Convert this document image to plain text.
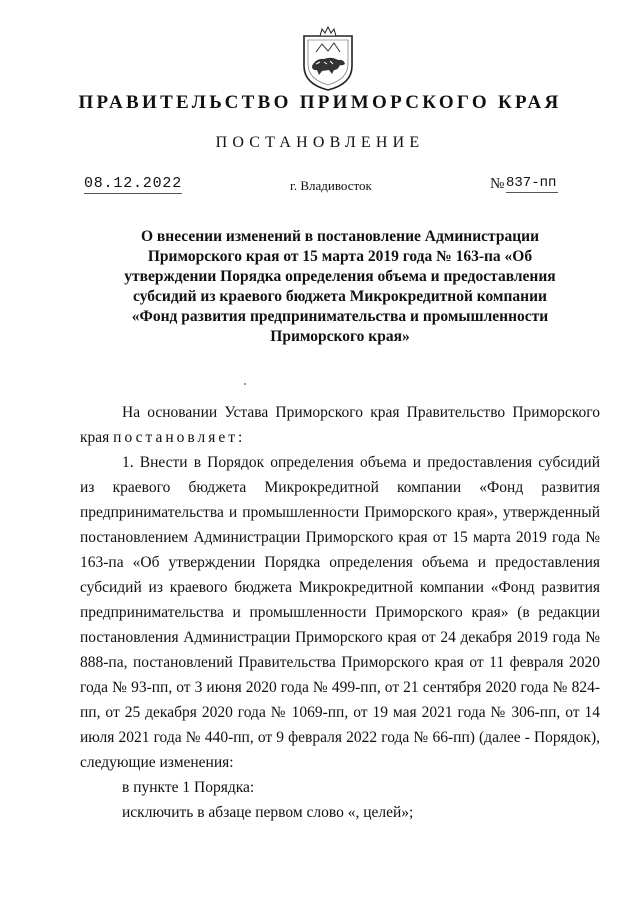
ПРАВИТЕЛЬСТВО ПРИМОРСКОГО КРАЯ
ПОСТАНОВЛЕНИЕ
08.12.2022	г. Владивосток	№ 837-пп
О внесении изменений в постановление Администрации Приморского края от 15 марта 2019 года № 163-па «Об утверждении Порядка определения объема и предоставления субсидий из краевого бюджета Микрокредитной компании «Фонд развития предпринимательства и промышленности Приморского края»

На основании Устава Приморского края Правительство Приморского края постановляет:

1. Внести в Порядок определения объема и предоставления субсидий из краевого бюджета Микрокредитной компании «Фонд развития предпринимательства и промышленности Приморского края», утвержденный постановлением Администрации Приморского края от 15 марта 2019 года № 163-па «Об утверждении Порядка определения объема и предоставления субсидий из краевого бюджета Микрокредитной компании «Фонд развития предпринимательства и промышленности Приморского края» (в редакции постановления Администрации Приморского края от 24 декабря 2019 года № 888-па, постановлений Правительства Приморского края от 11 февраля 2020 года № 93-пп, от 3 июня 2020 года № 499-пп, от 21 сентября 2020 года № 824-пп, от 25 декабря 2020 года № 1069-пп, от 19 мая 2021 года № 306-пп, от 14 июля 2021 года № 440-пп, от 9 февраля 2022 года № 66-пп) (далее - Порядок), следующие изменения:

в пункте 1 Порядка:

исключить в абзаце первом слово «, целей»;
